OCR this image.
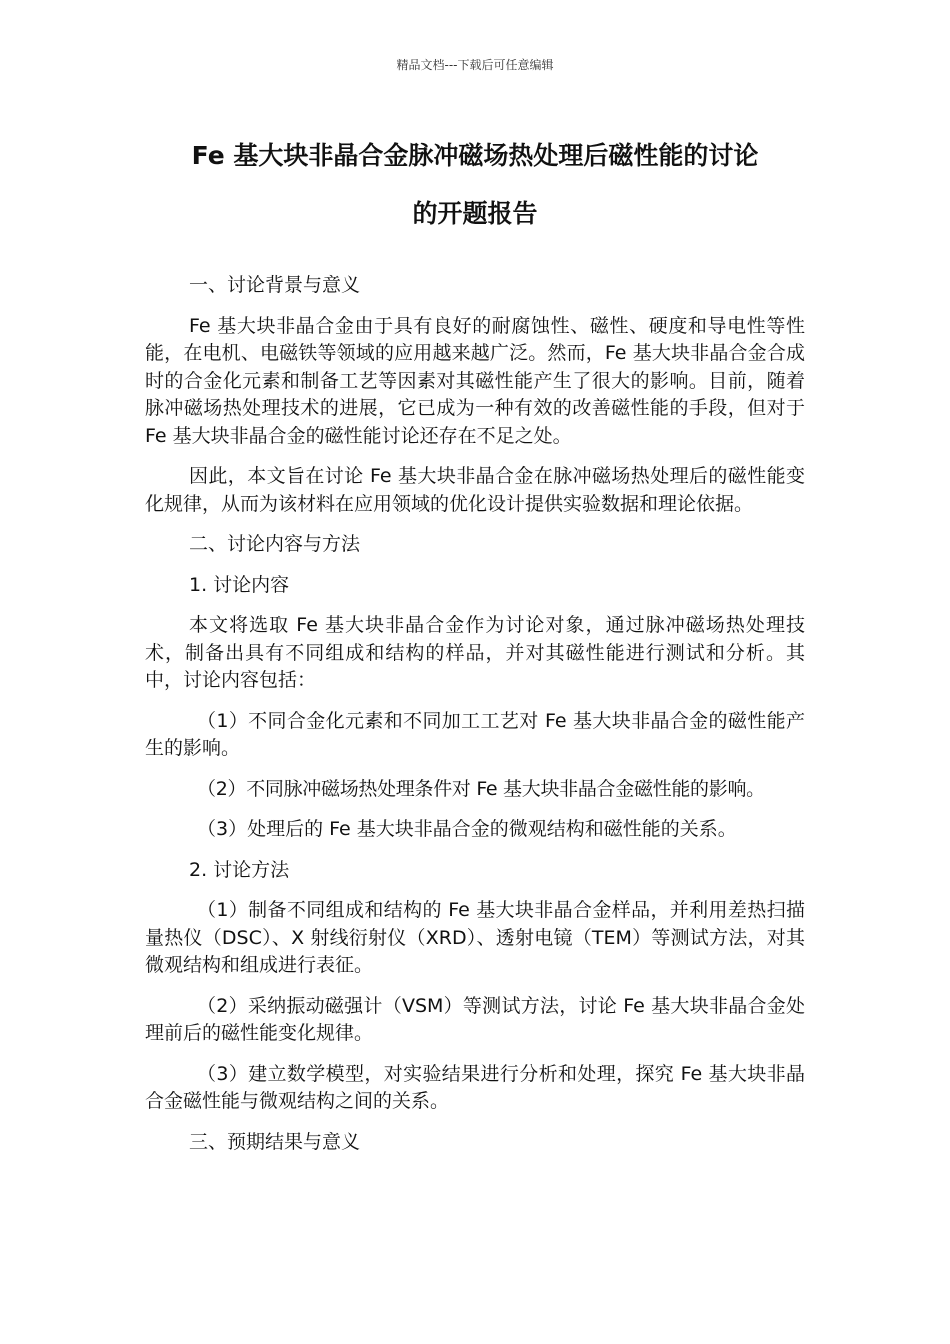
精品文档---下载后可任意编辑
Fe 基大块非晶合金脉冲磁场热处理后磁性能的讨论
的开题报告

一、讨论背景与意义

Fe 基大块非晶合金由于具有良好的耐腐蚀性、磁性、硬度和导电性等性能，在电机、电磁铁等领域的应用越来越广泛。然而，Fe 基大块非晶合金合成时的合金化元素和制备工艺等因素对其磁性能产生了很大的影响。目前，随着脉冲磁场热处理技术的进展，它已成为一种有效的改善磁性能的手段，但对于 Fe 基大块非晶合金的磁性能讨论还存在不足之处。

因此，本文旨在讨论 Fe 基大块非晶合金在脉冲磁场热处理后的磁性能变化规律，从而为该材料在应用领域的优化设计提供实验数据和理论依据。

二、讨论内容与方法

1. 讨论内容

本文将选取 Fe 基大块非晶合金作为讨论对象，通过脉冲磁场热处理技术，制备出具有不同组成和结构的样品，并对其磁性能进行测试和分析。其中，讨论内容包括：

（1）不同合金化元素和不同加工工艺对 Fe 基大块非晶合金的磁性能产生的影响。

（2）不同脉冲磁场热处理条件对 Fe 基大块非晶合金磁性能的影响。

（3）处理后的 Fe 基大块非晶合金的微观结构和磁性能的关系。

2. 讨论方法

（1）制备不同组成和结构的 Fe 基大块非晶合金样品，并利用差热扫描量热仪（DSC）、X 射线衍射仪（XRD）、透射电镜（TEM）等测试方法，对其微观结构和组成进行表征。

（2）采纳振动磁强计（VSM）等测试方法，讨论 Fe 基大块非晶合金处理前后的磁性能变化规律。

（3）建立数学模型，对实验结果进行分析和处理，探究 Fe 基大块非晶合金磁性能与微观结构之间的关系。

三、预期结果与意义
